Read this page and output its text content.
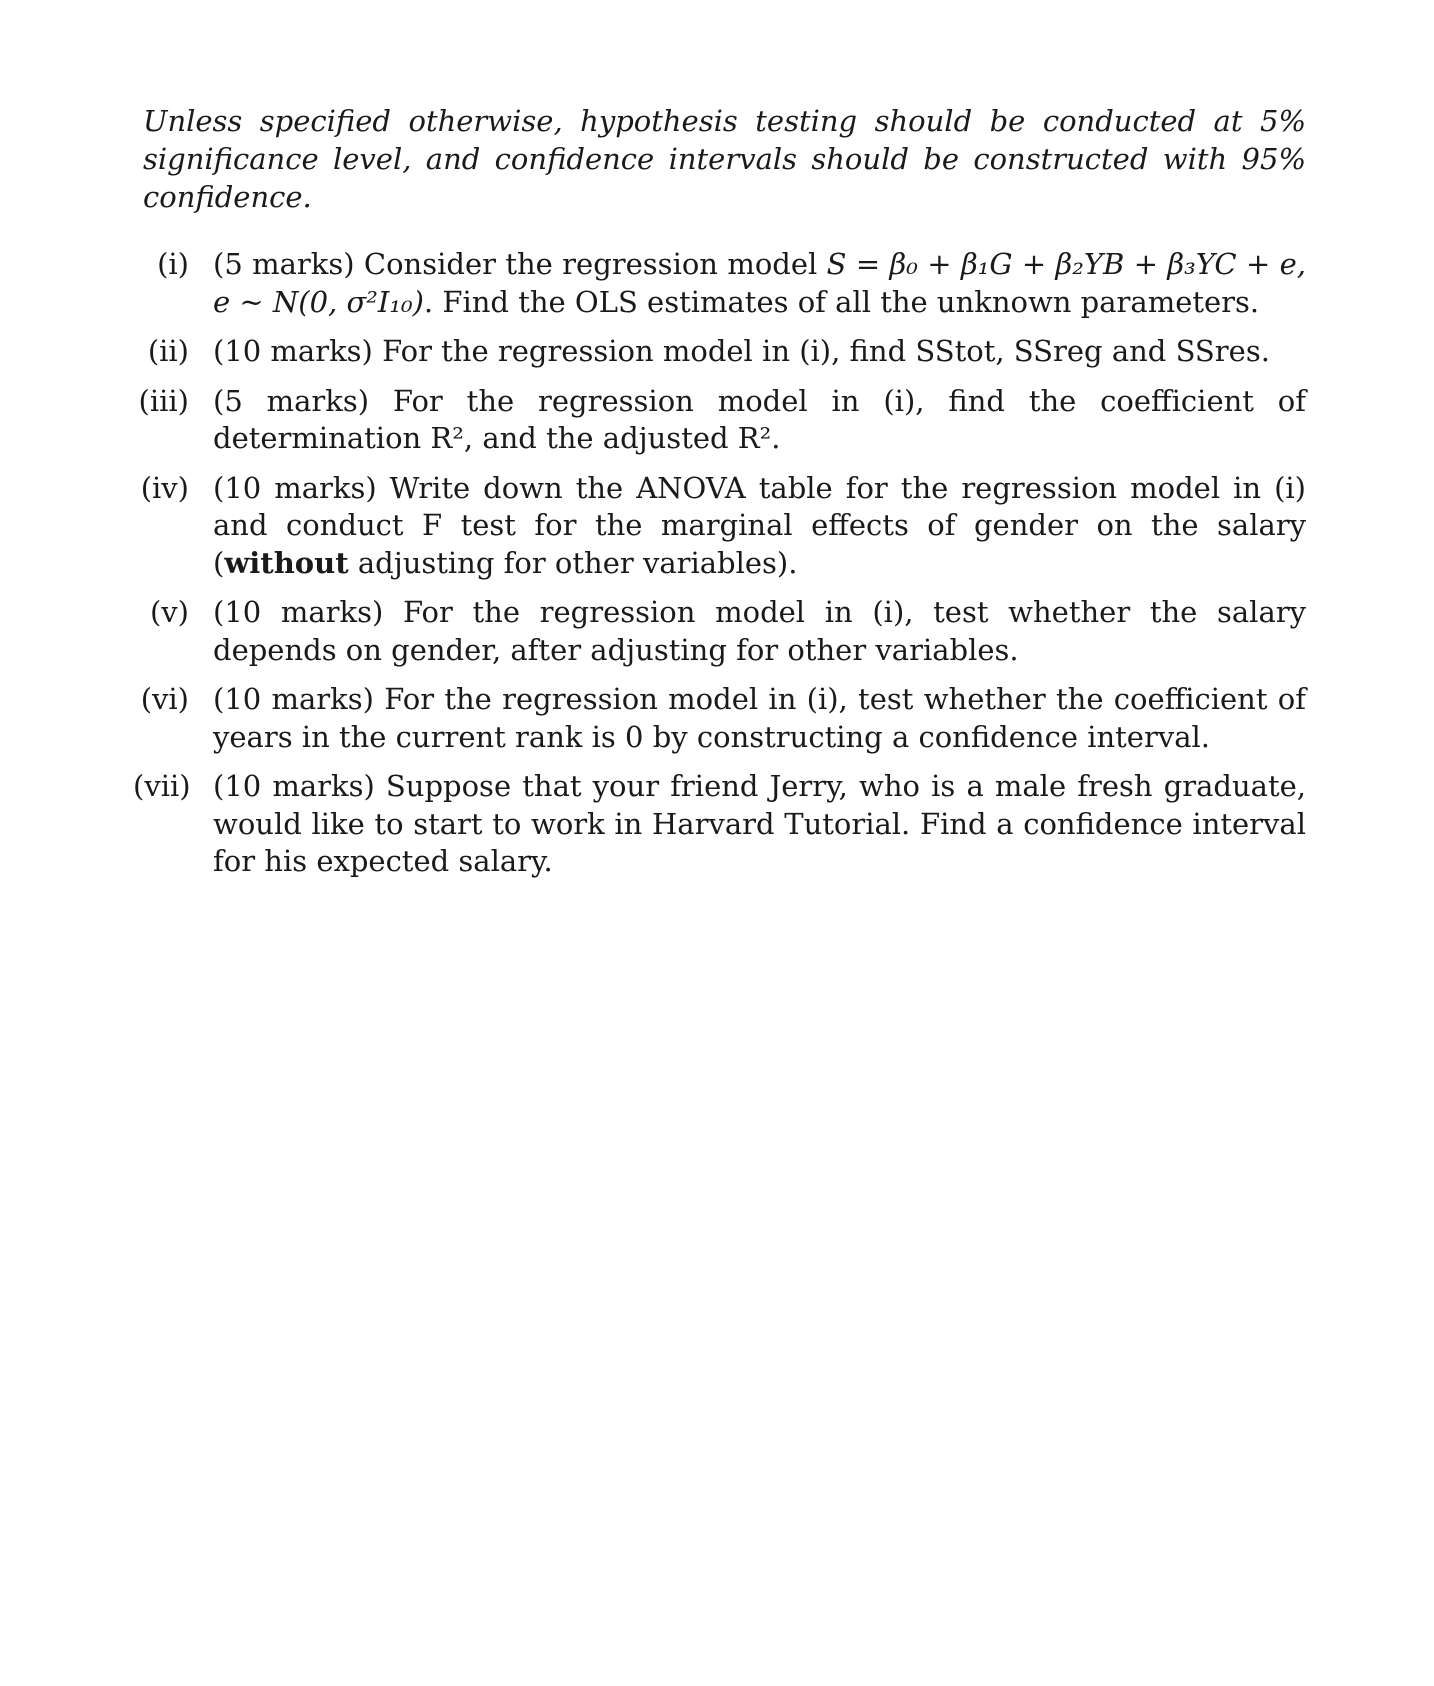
Unless specified otherwise, hypothesis testing should be conducted at 5% significance level, and confidence intervals should be constructed with 95% confidence.

(i) (5 marks) Consider the regression model S = β₀ + β₁G + β₂YB + β₃YC + e, e ~ N(0, σ²I₁₀). Find the OLS estimates of all the unknown parameters.
(ii) (10 marks) For the regression model in (i), find SStot, SSreg and SSres.
(iii) (5 marks) For the regression model in (i), find the coefficient of determination R², and the adjusted R².
(iv) (10 marks) Write down the ANOVA table for the regression model in (i) and conduct F test for the marginal effects of gender on the salary (without adjusting for other variables).
(v) (10 marks) For the regression model in (i), test whether the salary depends on gender, after adjusting for other variables.
(vi) (10 marks) For the regression model in (i), test whether the coefficient of years in the current rank is 0 by constructing a confidence interval.
(vii) (10 marks) Suppose that your friend Jerry, who is a male fresh graduate, would like to start to work in Harvard Tutorial. Find a confidence interval for his expected salary.
